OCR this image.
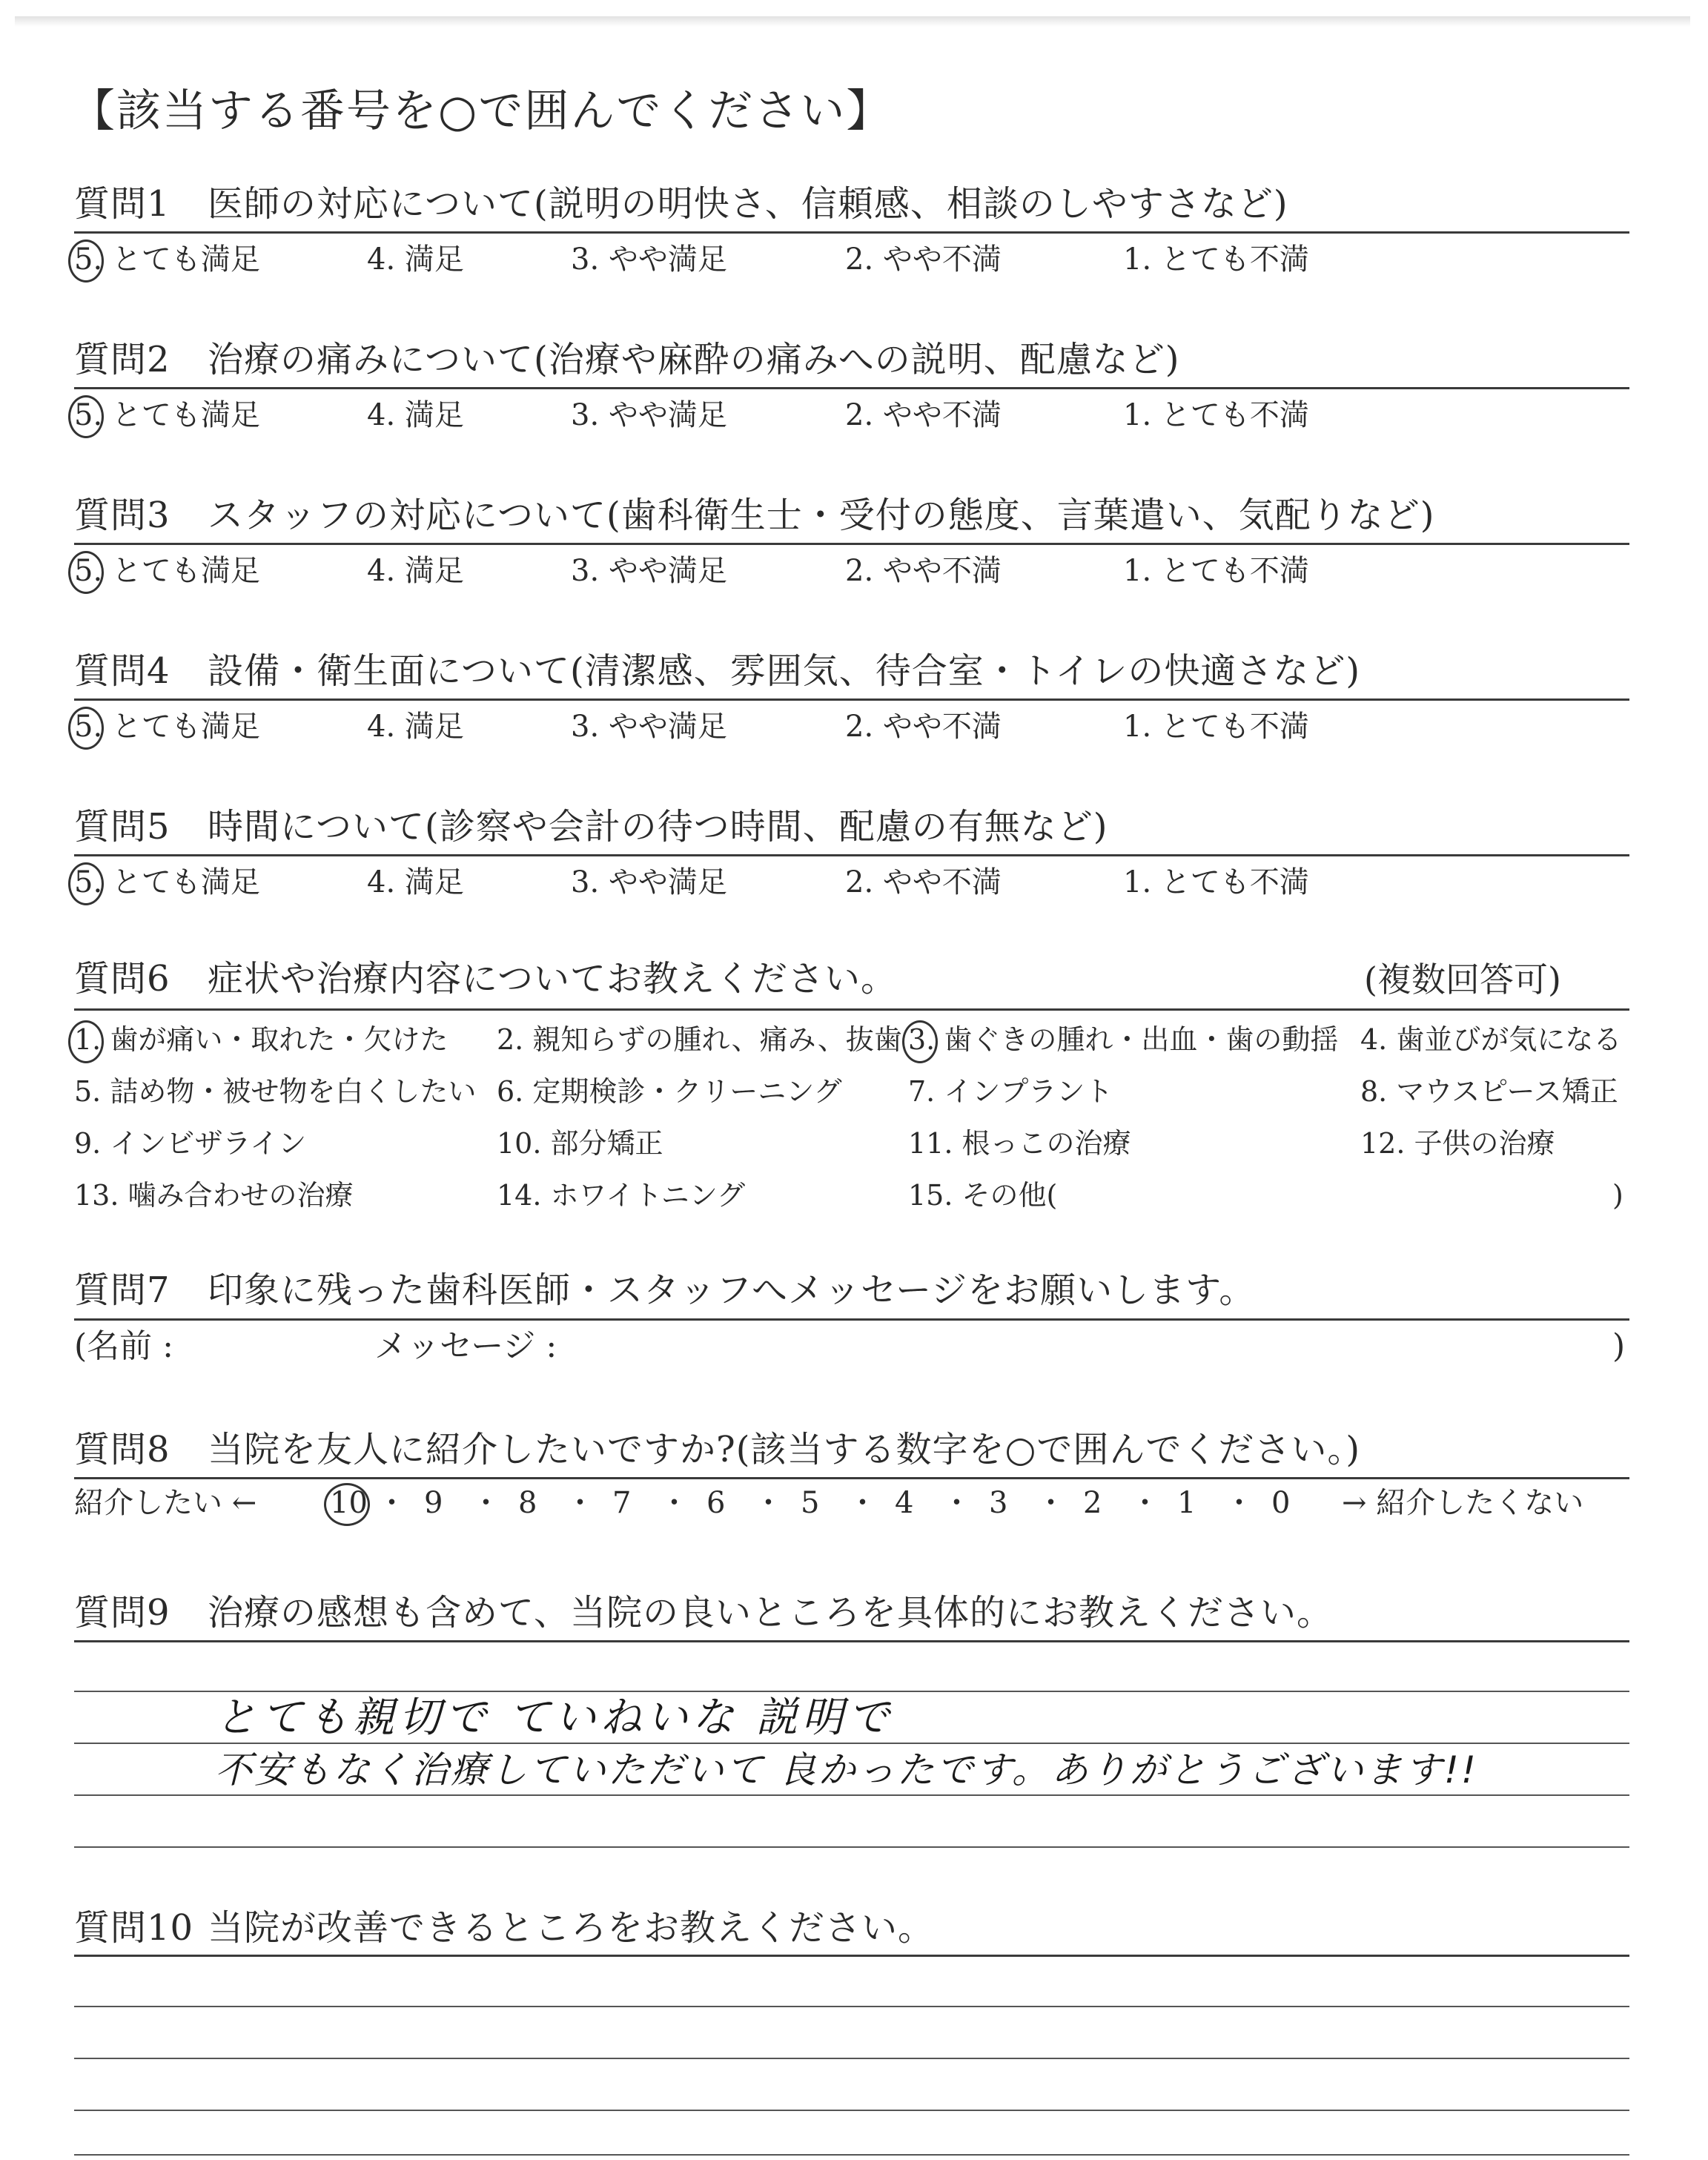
【該当する番号を○で囲んでください】
質問1 医師の対応について(説明の明快さ、信頼感、相談のしやすさなど)
5. とても満足	4. 満足	3. やや満足	2. やや不満	1. とても不満
質問2 治療の痛みについて(治療や麻酔の痛みへの説明、配慮など)
5. とても満足	4. 満足	3. やや満足	2. やや不満	1. とても不満
質問3 スタッフの対応について(歯科衛生士・受付の態度、言葉遣い、気配りなど)
5. とても満足	4. 満足	3. やや満足	2. やや不満	1. とても不満
質問4 設備・衛生面について(清潔感、雰囲気、待合室・トイレの快適さなど)
5. とても満足	4. 満足	3. やや満足	2. やや不満	1. とても不満
質問5 時間について(診察や会計の待つ時間、配慮の有無など)
5. とても満足	4. 満足	3. やや満足	2. やや不満	1. とても不満
質問6 症状や治療内容についてお教えください。	(複数回答可)
1. 歯が痛い・取れた・欠けた 2. 親知らずの腫れ、痛み、抜歯 3. 歯ぐきの腫れ・出血・歯の動揺 4. 歯並びが気になる
5. 詰め物・被せ物を白くしたい 6. 定期検診・クリーニング 7. インプラント	8. マウスピース矯正
9. インビザライン	10. 部分矯正	11. 根っこの治療	12. 子供の治療
13. 噛み合わせの治療	14. ホワイトニング	15. その他(	)
質問7 印象に残った歯科医師・スタッフへメッセージをお願いします。
(名前 :	メッセージ :	)
質問8 当院を友人に紹介したいですか?(該当する数字を○で囲んでください。)
紹介したい ← 10 ・ 9 ・ 8 ・ 7 ・ 6 ・ 5 ・ 4 ・ 3 ・ 2 ・ 1 ・ 0 → 紹介したくない
質問9 治療の感想も含めて、当院の良いところを具体的にお教えください。
とても親切で ていねいな 説明で
不安もなく治療していただいて 良かったです。ありがとうございます!!
質問10 当院が改善できるところをお教えください。
